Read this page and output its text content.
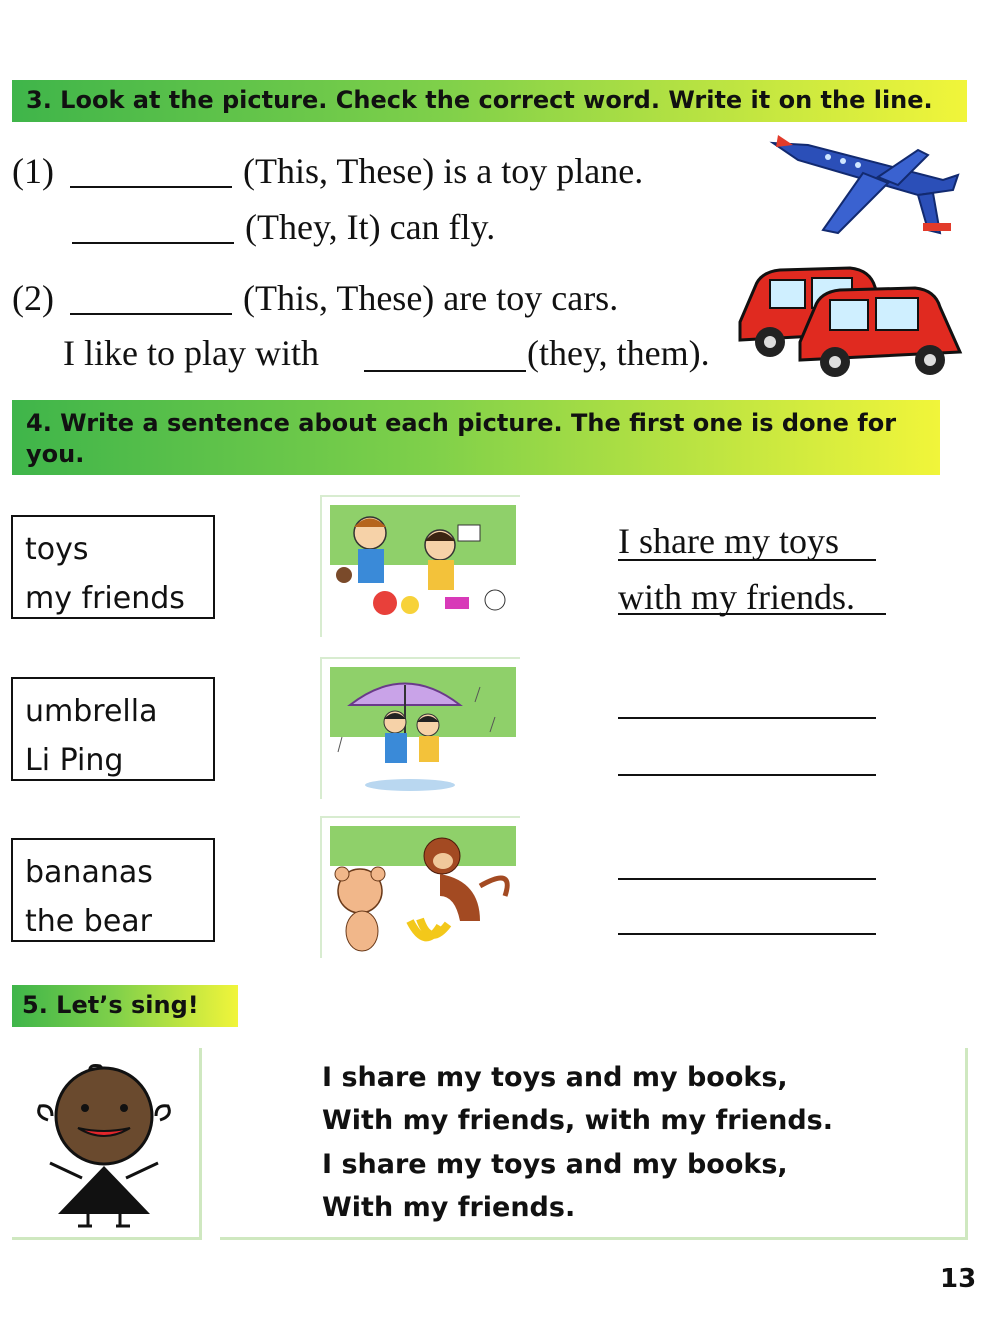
3. Look at the picture. Check the correct word. Write it on the line.
(1)	(This, These) is a toy plane.
(They, It) can fly.
(2)	(This, These) are toy cars.
I like to play with	(they, them).
4. Write a sentence about each picture. The first one is done for you.
toys
my friends
umbrella
Li Ping
bananas
the bear
I share my toys
with my friends.
5. Let’s sing!
I share my toys and my books,
With my friends, with my friends.
I share my toys and my books,
With my friends.
13
